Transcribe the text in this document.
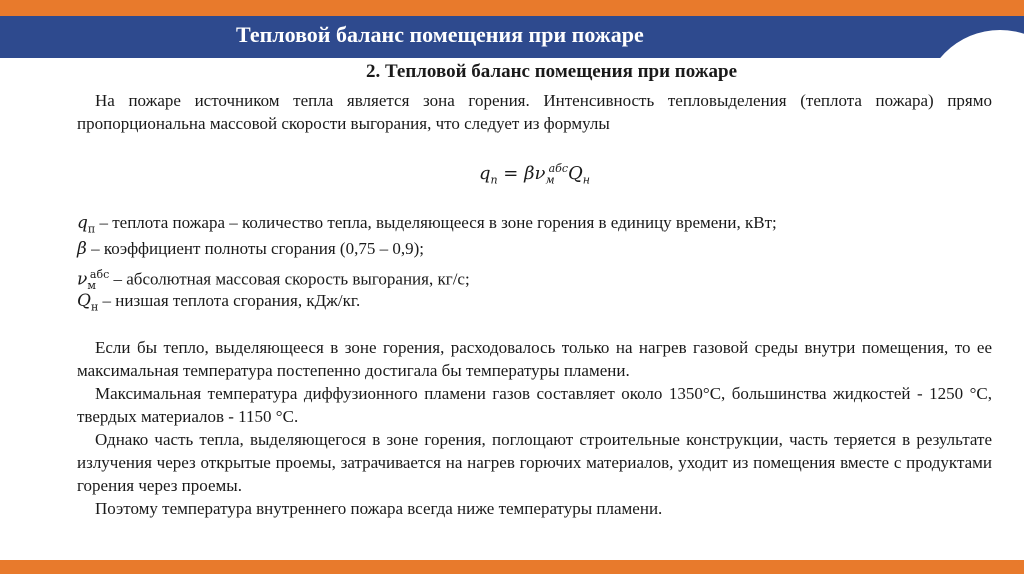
Тепловой баланс помещения при пожаре
2. Тепловой баланс помещения при пожаре

На пожаре источником тепла является зона горения. Интенсивность тепловыделения (теплота пожара) прямо пропорциональна массовой скорости выгорания, что следует из формулы

$q_п = \beta\nu_м^{абс}Q_н$
$q_п$ – теплота пожара – количество тепла, выделяющееся в зоне горения в единицу времени, кВт;
β – коэффициент полноты сгорания (0,75 – 0,9);
$\nu_м^{абс}$ – абсолютная массовая скорость выгорания, кг/с;
$Q_н$ – низшая теплота сгорания, кДж/кг.

Если бы тепло, выделяющееся в зоне горения, расходовалось только на нагрев газовой среды внутри помещения, то ее максимальная температура постепенно достигала бы температуры пламени.

Максимальная температура диффузионного пламени газов составляет около 1350°С, большинства жидкостей - 1250 °С, твердых материалов - 1150 °С.

Однако часть тепла, выделяющегося в зоне горения, поглощают строительные конструкции, часть теряется в результате излучения через открытые проемы, затрачивается на нагрев горючих материалов, уходит из помещения вместе с продуктами горения через проемы.

Поэтому температура внутреннего пожара всегда ниже температуры пламени.
